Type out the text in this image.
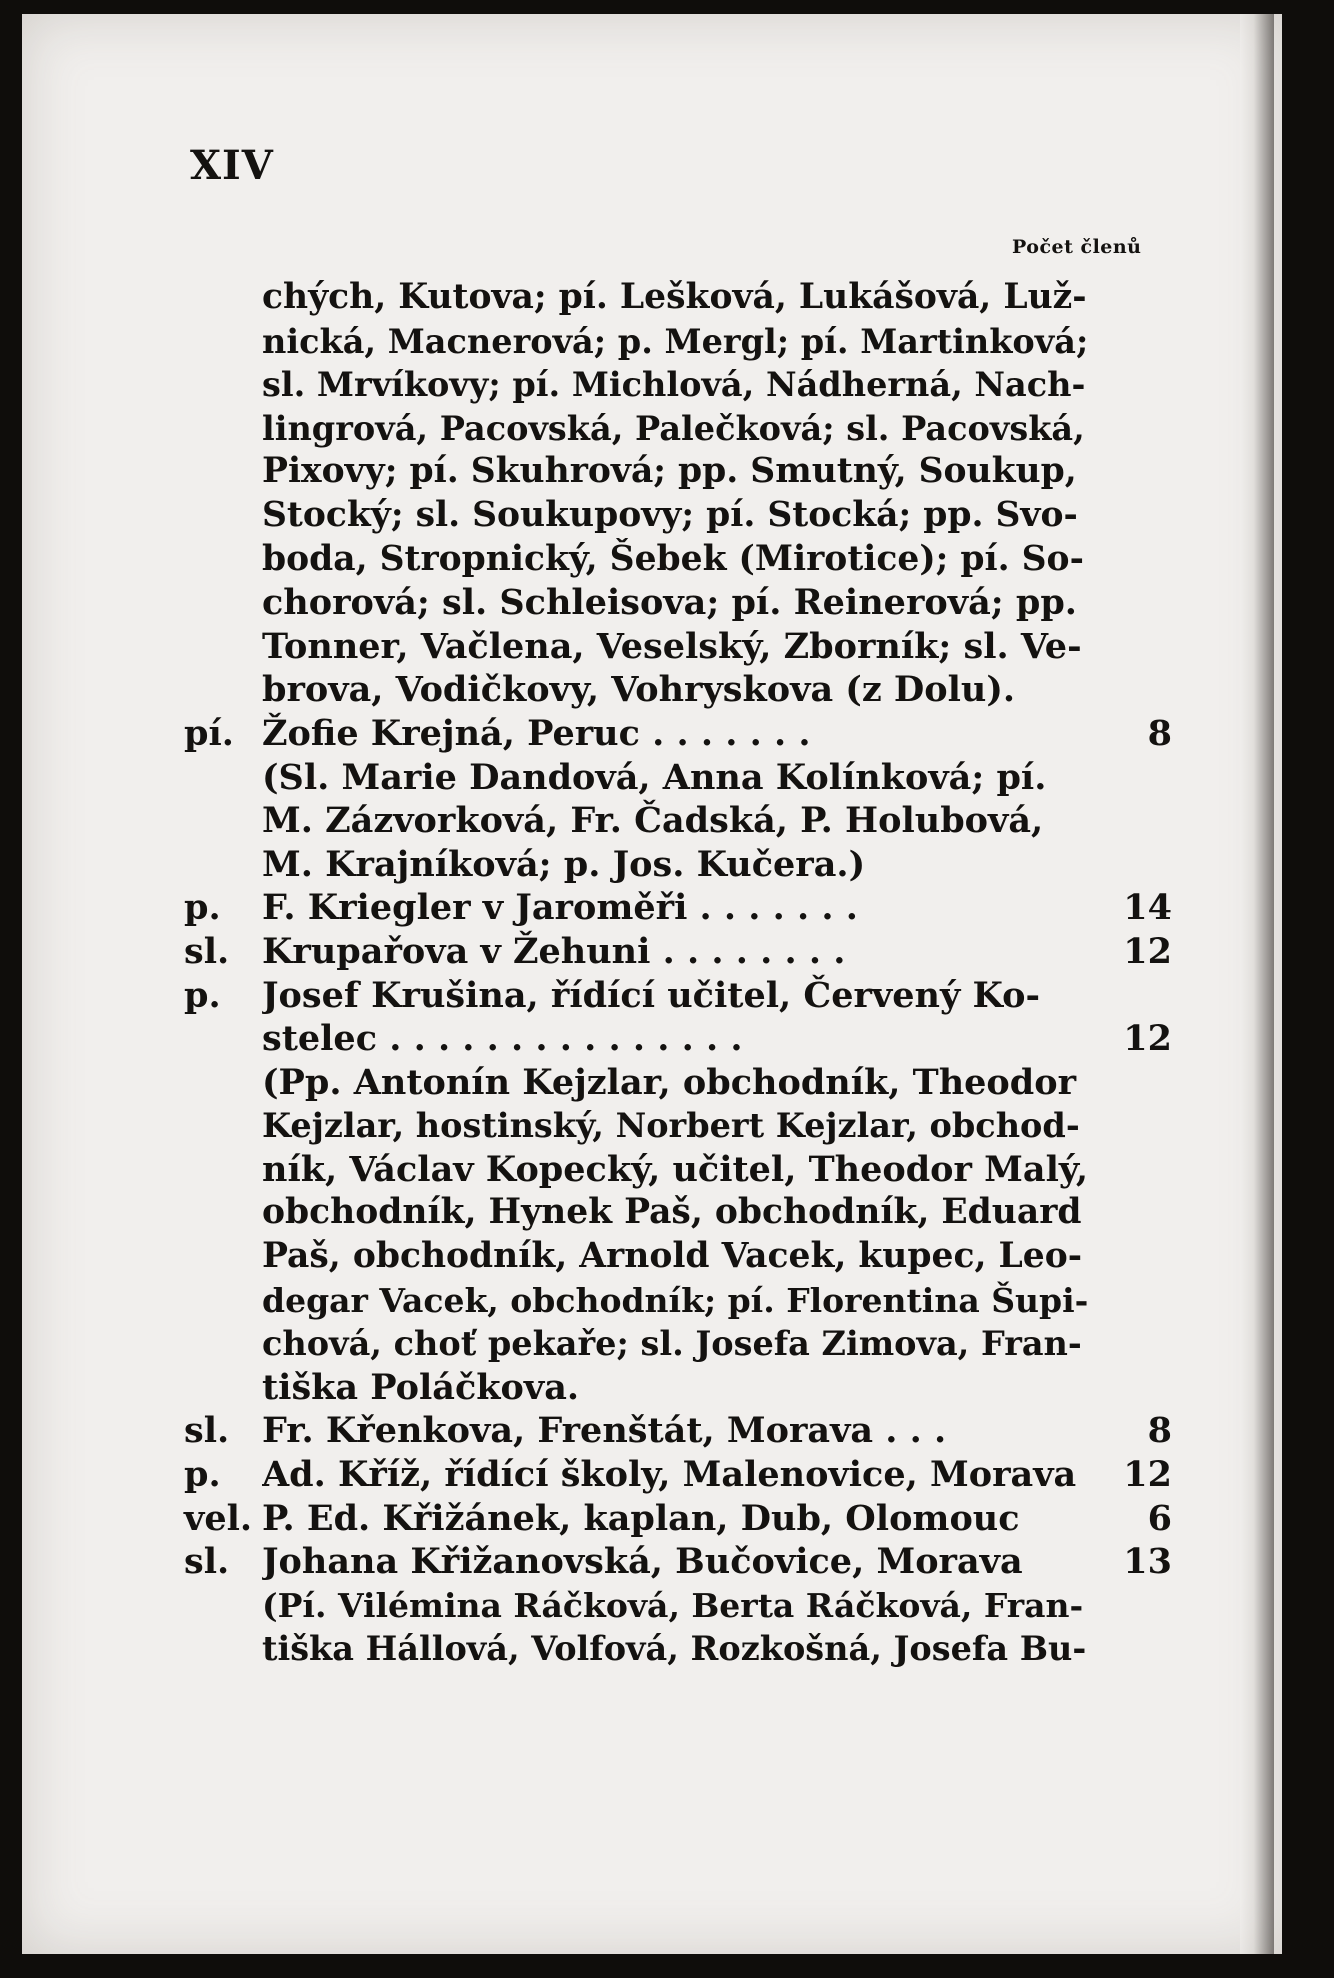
XIV
Počet členů
chých, Kutova; pí. Lešková, Lukášová, Luž-
nická, Macnerová; p. Mergl; pí. Martinková;
sl. Mrvíkovy; pí. Michlová, Nádherná, Nach-
lingrová, Pacovská, Palečková; sl. Pacovská,
Pixovy; pí. Skuhrová; pp. Smutný, Soukup,
Stocký; sl. Soukupovy; pí. Stocká; pp. Svo-
boda, Stropnický, Šebek (Mirotice); pí. So-
chorová; sl. Schleisova; pí. Reinerová; pp.
Tonner, Vačlena, Veselský, Zborník; sl. Ve-
brova, Vodičkovy, Vohryskova (z Dolu).
pí. Žofie Krejná, Peruc . . . . . . .	8
(Sl. Marie Dandová, Anna Kolínková; pí.
M. Zázvorková, Fr. Čadská, P. Holubová,
M. Krajníková; p. Jos. Kučera.)
p. F. Kriegler v Jaroměři . . . . . . .	14
sl. Krupařova v Žehuni . . . . . . . .	12
p. Josef Krušina, řídící učitel, Červený Ko-
stelec . . . . . . . . . . . . . . .	12
(Pp. Antonín Kejzlar, obchodník, Theodor
Kejzlar, hostinský, Norbert Kejzlar, obchod-
ník, Václav Kopecký, učitel, Theodor Malý,
obchodník, Hynek Paš, obchodník, Eduard
Paš, obchodník, Arnold Vacek, kupec, Leo-
degar Vacek, obchodník; pí. Florentina Šupi-
chová, choť pekaře; sl. Josefa Zimova, Fran-
tiška Poláčkova.
sl. Fr. Křenkova, Frenštát, Morava . . .	8
p. Ad. Kříž, řídící školy, Malenovice, Morava	12
vel. P. Ed. Křižánek, kaplan, Dub, Olomouc	6
sl. Johana Křižanovská, Bučovice, Morava	13
(Pí. Vilémina Ráčková, Berta Ráčková, Fran-
tiška Hállová, Volfová, Rozkošná, Josefa Bu-
